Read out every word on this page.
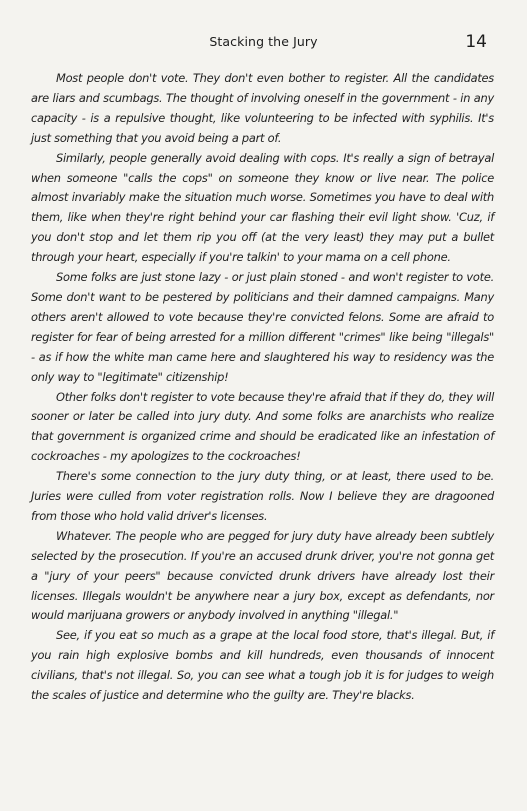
Stacking the Jury	14

Most people don't vote. They don't even bother to register. All the candidates are liars and scumbags. The thought of involving oneself in the government - in any capacity - is a repulsive thought, like volunteering to be infected with syphilis. It's just something that you avoid being a part of.

Similarly, people generally avoid dealing with cops. It's really a sign of betrayal when someone "calls the cops" on someone they know or live near. The police almost invariably make the situation much worse. Sometimes you have to deal with them, like when they're right behind your car flashing their evil light show. 'Cuz, if you don't stop and let them rip you off (at the very least) they may put a bullet through your heart, especially if you're talkin' to your mama on a cell phone.

Some folks are just stone lazy - or just plain stoned - and won't register to vote. Some don't want to be pestered by politicians and their damned campaigns. Many others aren't allowed to vote because they're convicted felons. Some are afraid to register for fear of being arrested for a million different "crimes" like being "illegals" - as if how the white man came here and slaughtered his way to residency was the only way to "legitimate" citizenship!

Other folks don't register to vote because they're afraid that if they do, they will sooner or later be called into jury duty. And some folks are anarchists who realize that government is organized crime and should be eradicated like an infestation of cockroaches - my apologizes to the cockroaches!

There's some connection to the jury duty thing, or at least, there used to be. Juries were culled from voter registration rolls. Now I believe they are dragooned from those who hold valid driver's licenses.

Whatever. The people who are pegged for jury duty have already been subtlely selected by the prosecution. If you're an accused drunk driver, you're not gonna get a "jury of your peers" because convicted drunk drivers have already lost their licenses. Illegals wouldn't be anywhere near a jury box, except as defendants, nor would marijuana growers or anybody involved in anything "illegal."

See, if you eat so much as a grape at the local food store, that's illegal. But, if you rain high explosive bombs and kill hundreds, even thousands of innocent civilians, that's not illegal. So, you can see what a tough job it is for judges to weigh the scales of justice and determine who the guilty are. They're blacks.
